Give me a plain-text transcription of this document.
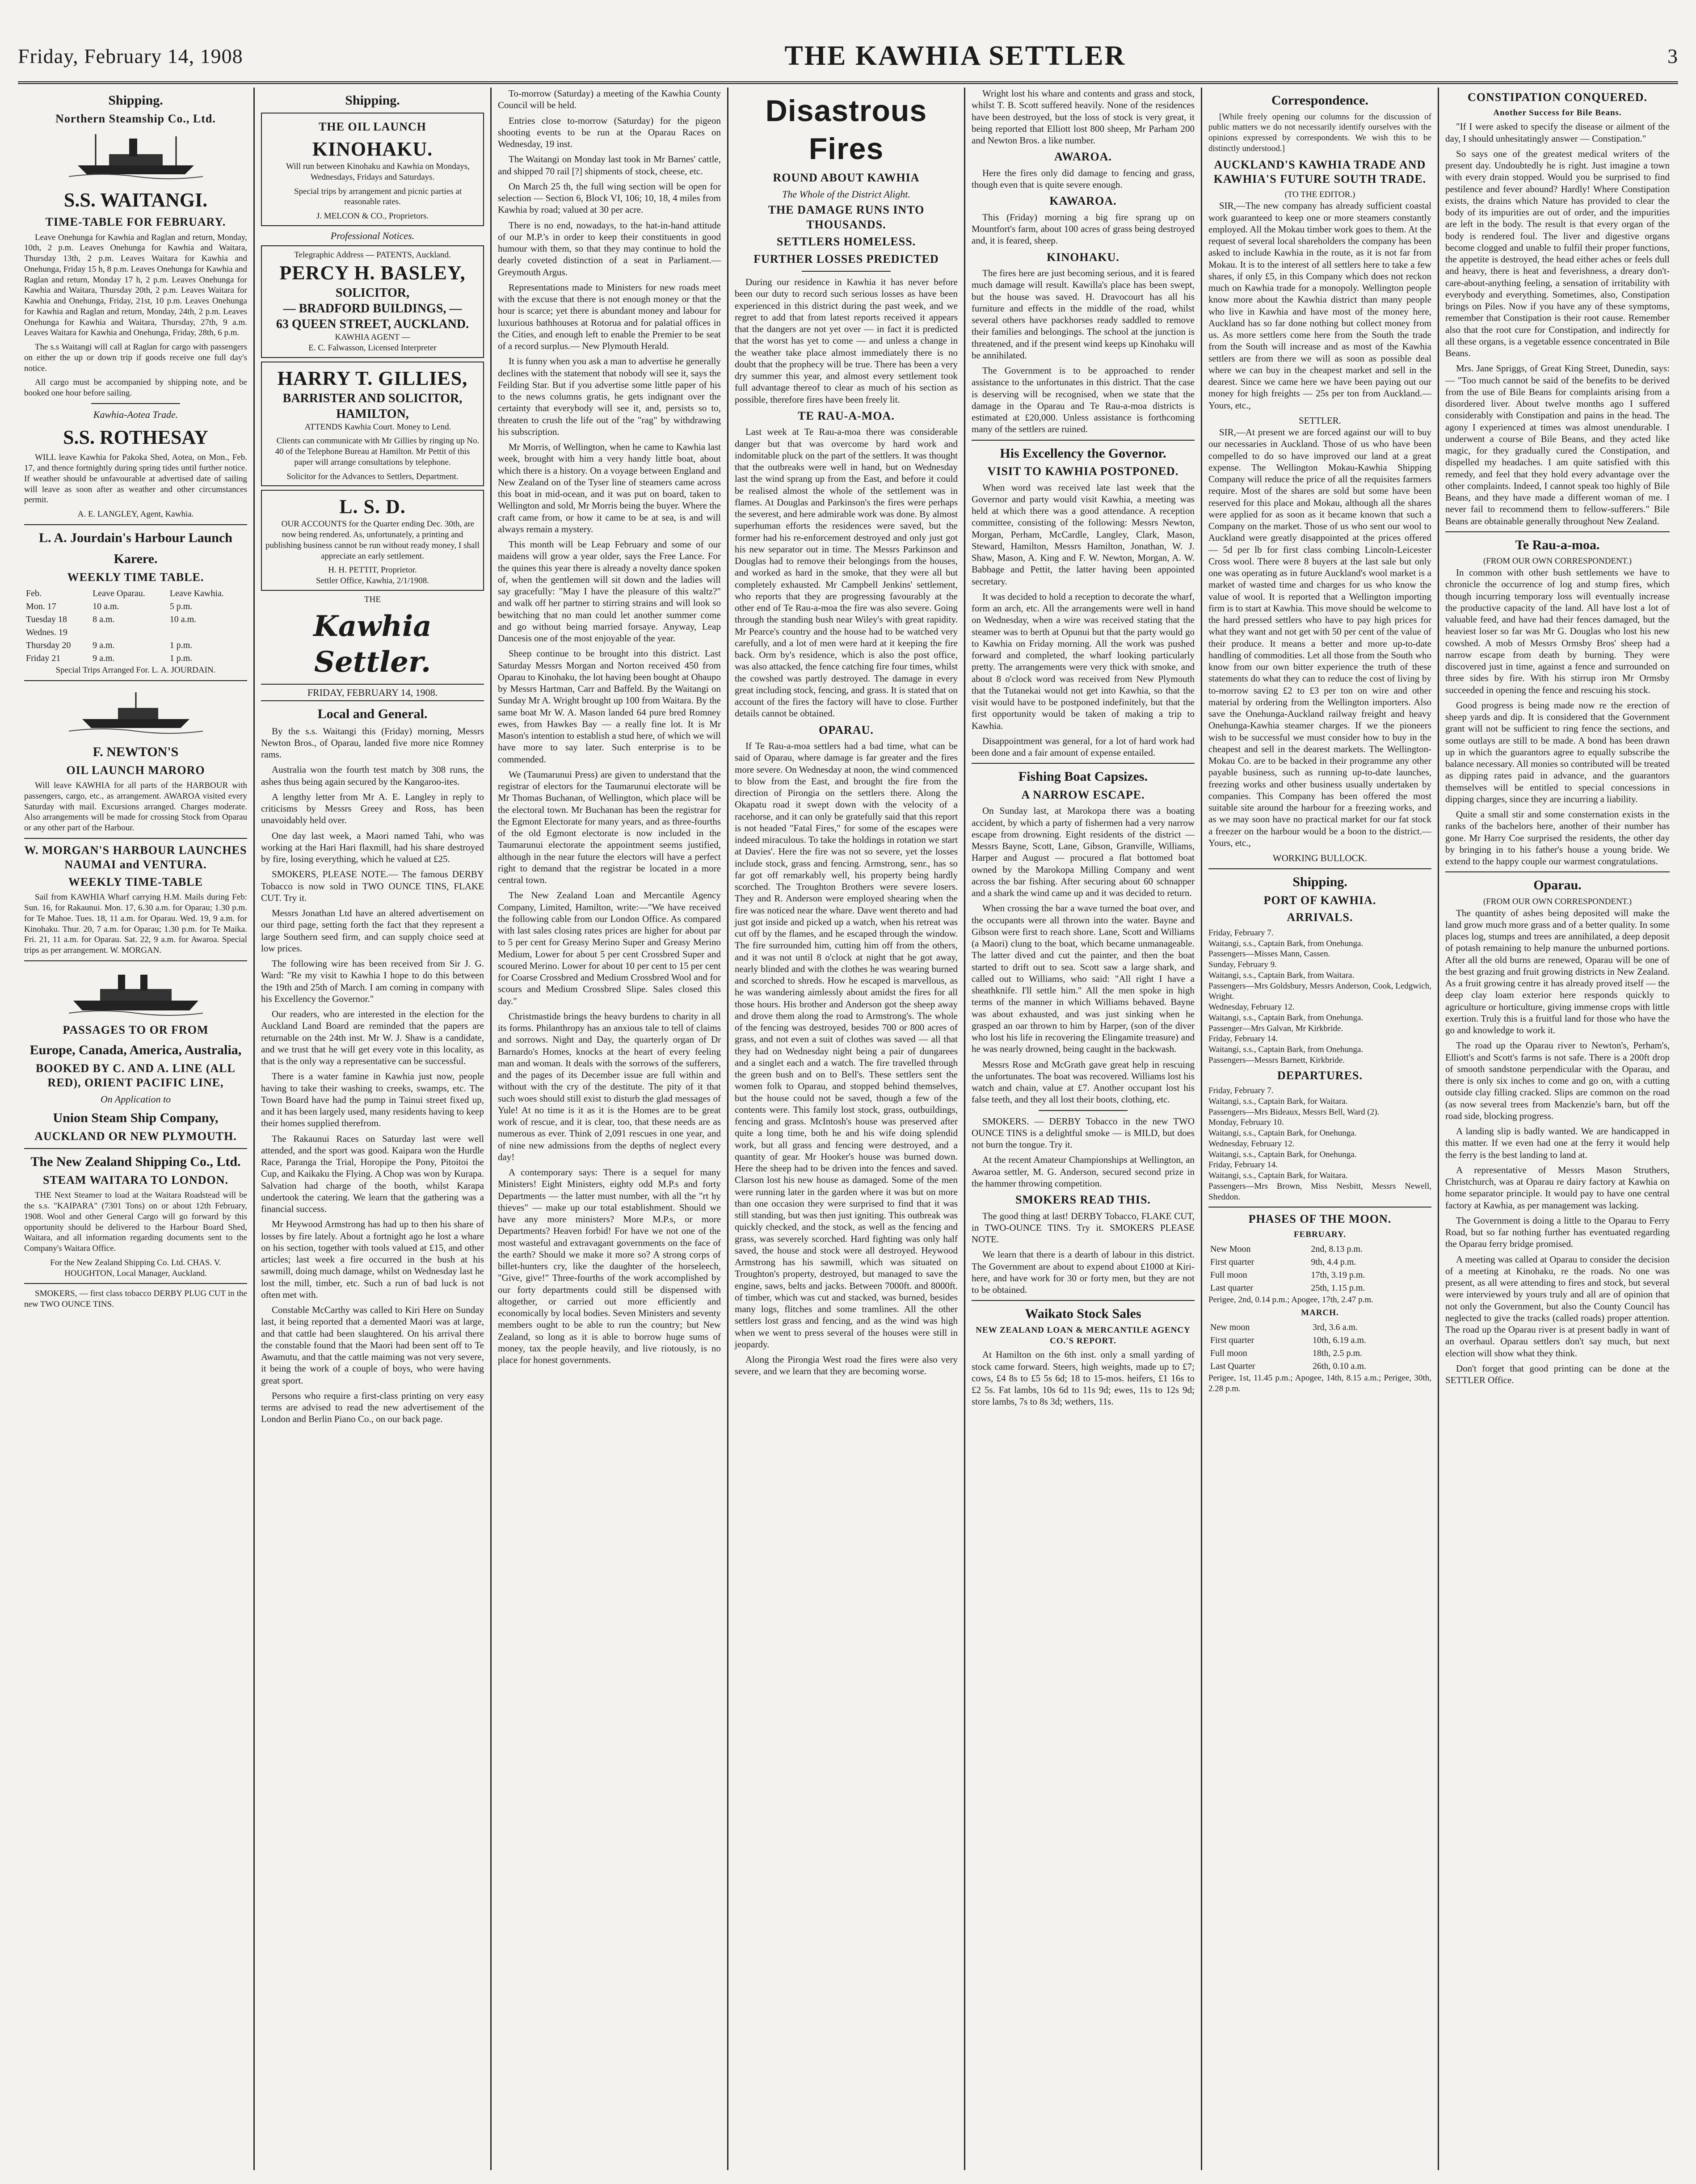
Friday, February 14, 1908	THE KAWHIA SETTLER	3
Shipping.
Northern Steamship Co., Ltd.
S.S. WAITANGI.
TIME-TABLE FOR FEBRUARY.

Leave Onehunga for Kawhia and Raglan and return, Monday, 10th, 2 p.m. Leaves Onehunga for Kawhia and Waitara, Thursday 13th, 2 p.m. Leaves Waitara for Kawhia and Onehunga, Friday 15 h, 8 p.m. Leaves Onehunga for Kawhia and Raglan and return, Monday 17 h, 2 p.m. Leaves Onehunga for Kawhia and Waitara, Thursday 20th, 2 p.m. Leaves Waitara for Kawhia and Onehunga, Friday, 21st, 10 p.m. Leaves Onehunga for Kawhia and Raglan and return, Monday, 24th, 2 p.m. Leaves Onehunga for Kawhia and Waitara, Thursday, 27th, 9 a.m. Leaves Waitara for Kawhia and Onehunga, Friday, 28th, 6 p.m.

The s.s Waitangi will call at Raglan for cargo with passengers on either the up or down trip if goods receive one full day's notice.

All cargo must be accompanied by shipping note, and be booked one hour before sailing.

Kawhia-Aotea Trade.
S.S. ROTHESAY

WILL leave Kawhia for Pakoka Shed, Aotea, on Mon., Feb. 17, and thence fortnightly during spring tides until further notice. If weather should be unfavourable at advertised date of sailing will leave as soon after as weather and other circumstances permit.

A. E. LANGLEY, Agent, Kawhia.
L. A. Jourdain's Harbour Launch
Karere.
WEEKLY TIME TABLE.
Feb.	Leave Oparau.	Leave Kawhia.
Mon. 17	10 a.m.	5 p.m.
Tuesday 18	8 a.m.	10 a.m.
Wednes. 19		
Thursday 20	9 a.m.	1 p.m.
Friday 21	9 a.m.	1 p.m.
Special Trips Arranged For. L. A. JOURDAIN.
F. NEWTON'S
OIL LAUNCH MARORO

Will leave KAWHIA for all parts of the HARBOUR with passengers, cargo, etc., as arrangement. AWAROA visited every Saturday with mail. Excursions arranged. Charges moderate. Also arrangements will be made for crossing Stock from Oparau or any other part of the Harbour.

W. MORGAN'S HARBOUR LAUNCHES NAUMAI and VENTURA.
WEEKLY TIME-TABLE

Sail from KAWHIA Wharf carrying H.M. Mails during Feb: Sun. 16, for Rakaunui. Mon. 17, 6.30 a.m. for Oparau; 1.30 p.m. for Te Mahoe. Tues. 18, 11 a.m. for Oparau. Wed. 19, 9 a.m. for Kinohaku. Thur. 20, 7 a.m. for Oparau; 1.30 p.m. for Te Maika. Fri. 21, 11 a.m. for Oparau. Sat. 22, 9 a.m. for Awaroa. Special trips as per arrangement. W. MORGAN.

PASSAGES TO OR FROM
Europe, Canada, America, Australia,
BOOKED BY C. AND A. LINE (ALL RED), ORIENT PACIFIC LINE,
On Application to
Union Steam Ship Company,
AUCKLAND OR NEW PLYMOUTH.
The New Zealand Shipping Co., Ltd.
STEAM WAITARA TO LONDON.

THE Next Steamer to load at the Waitara Roadstead will be the s.s. "KAIPARA" (7301 Tons) on or about 12th February, 1908. Wool and other General Cargo will go forward by this opportunity should be delivered to the Harbour Board Shed, Waitara, and all information regarding documents sent to the Company's Waitara Office.

For the New Zealand Shipping Co. Ltd. CHAS. V. HOUGHTON, Local Manager, Auckland.

SMOKERS, — first class tobacco DERBY PLUG CUT in the new TWO OUNCE TINS.

Shipping.
THE OIL LAUNCH
KINOHAKU.

Will run between Kinohaku and Kawhia on Mondays, Wednesdays, Fridays and Saturdays.

Special trips by arrangement and picnic parties at reasonable rates.

J. MELCON & CO., Proprietors.
Professional Notices.
Telegraphic Address — PATENTS, Auckland.
PERCY H. BASLEY,
SOLICITOR,
— BRADFORD BUILDINGS, —
63 QUEEN STREET, AUCKLAND.
KAWHIA AGENT —
E. C. Falwasson, Licensed Interpreter
HARRY T. GILLIES,
BARRISTER AND SOLICITOR,
HAMILTON,

ATTENDS Kawhia Court. Money to Lend.

Clients can communicate with Mr Gillies by ringing up No. 40 of the Telephone Bureau at Hamilton. Mr Pettit of this paper will arrange consultations by telephone.

Solicitor for the Advances to Settlers, Department.
L. S. D.

OUR ACCOUNTS for the Quarter ending Dec. 30th, are now being rendered. As, unfortunately, a printing and publishing business cannot be run without ready money, I shall appreciate an early settlement.

H. H. PETTIT, Proprietor.
Settler Office, Kawhia, 2/1/1908.
THE
Kawhia Settler.
FRIDAY, FEBRUARY 14, 1908.
Local and General.

By the s.s. Waitangi this (Friday) morning, Messrs Newton Bros., of Oparau, landed five more nice Romney rams.

Australia won the fourth test match by 308 runs, the ashes thus being again secured by the Kangaroo-ites.

A lengthy letter from Mr A. E. Langley in reply to criticisms by Messrs Greey and Ross, has been unavoidably held over.

One day last week, a Maori named Tahi, who was working at the Hari Hari flaxmill, had his share destroyed by fire, losing everything, which he valued at £25.

SMOKERS, PLEASE NOTE.— The famous DERBY Tobacco is now sold in TWO OUNCE TINS, FLAKE CUT. Try it.

Messrs Jonathan Ltd have an altered advertisement on our third page, setting forth the fact that they represent a large Southern seed firm, and can supply choice seed at low prices.

The following wire has been received from Sir J. G. Ward: "Re my visit to Kawhia I hope to do this between the 19th and 25th of March. I am coming in company with his Excellency the Governor."

Our readers, who are interested in the election for the Auckland Land Board are reminded that the papers are returnable on the 24th inst. Mr W. J. Shaw is a candidate, and we trust that he will get every vote in this locality, as that is the only way a representative can be successful.

There is a water famine in Kawhia just now, people having to take their washing to creeks, swamps, etc. The Town Board have had the pump in Tainui street fixed up, and it has been largely used, many residents having to keep their homes supplied therefrom.

The Rakaunui Races on Saturday last were well attended, and the sport was good. Kaipara won the Hurdle Race, Paranga the Trial, Horopipe the Pony, Pitoitoi the Cup, and Kaikaku the Flying. A Chop was won by Kurapa. Salvation had charge of the booth, whilst Karapa undertook the catering. We learn that the gathering was a financial success.

Mr Heywood Armstrong has had up to then his share of losses by fire lately. About a fortnight ago he lost a whare on his section, together with tools valued at £15, and other articles; last week a fire occurred in the bush at his sawmill, doing much damage, whilst on Wednesday last he lost the mill, timber, etc. Such a run of bad luck is not often met with.

Constable McCarthy was called to Kiri Here on Sunday last, it being reported that a demented Maori was at large, and that cattle had been slaughtered. On his arrival there the constable found that the Maori had been sent off to Te Awamutu, and that the cattle maiming was not very severe, it being the work of a couple of boys, who were having great sport.

Persons who require a first-class printing on very easy terms are advised to read the new advertisement of the London and Berlin Piano Co., on our back page.

To-morrow (Saturday) a meeting of the Kawhia County Council will be held.

Entries close to-morrow (Saturday) for the pigeon shooting events to be run at the Oparau Races on Wednesday, 19 inst.

The Waitangi on Monday last took in Mr Barnes' cattle, and shipped 70 rail [?] shipments of stock, cheese, etc.

On March 25 th, the full wing section will be open for selection — Section 6, Block VI, 106; 10, 18, 4 miles from Kawhia by road; valued at 30 per acre.

There is no end, nowadays, to the hat-in-hand attitude of our M.P.'s in order to keep their constituents in good humour with them, so that they may continue to hold the dearly coveted distinction of a seat in Parliament.— Greymouth Argus.

Representations made to Ministers for new roads meet with the excuse that there is not enough money or that the hour is scarce; yet there is abundant money and labour for luxurious bathhouses at Rotorua and for palatial offices in the Cities, and enough left to enable the Premier to be seat of a record surplus.— New Plymouth Herald.

It is funny when you ask a man to advertise he generally declines with the statement that nobody will see it, says the Feilding Star. But if you advertise some little paper of his to the news columns gratis, he gets indignant over the certainty that everybody will see it, and, persists so to, threaten to crush the life out of the "rag" by withdrawing his subscription.

Mr Morris, of Wellington, when he came to Kawhia last week, brought with him a very handy little boat, about which there is a history. On a voyage between England and New Zealand on of the Tyser line of steamers came across this boat in mid-ocean, and it was put on board, taken to Wellington and sold, Mr Morris being the buyer. Where the craft came from, or how it came to be at sea, is and will always remain a mystery.

This month will be Leap February and some of our maidens will grow a year older, says the Free Lance. For the quines this year there is already a novelty dance spoken of, when the gentlemen will sit down and the ladies will say gracefully: "May I have the pleasure of this waltz?" and walk off her partner to stirring strains and will look so bewitching that no man could let another summer come and go without being married forsaye. Anyway, Leap Dancesis one of the most enjoyable of the year.

Sheep continue to be brought into this district. Last Saturday Messrs Morgan and Norton received 450 from Oparau to Kinohaku, the lot having been bought at Ohaupo by Messrs Hartman, Carr and Baffeld. By the Waitangi on Sunday Mr A. Wright brought up 100 from Waitara. By the same boat Mr W. A. Mason landed 64 pure bred Romney ewes, from Hawkes Bay — a really fine lot. It is Mr Mason's intention to establish a stud here, of which we will have more to say later. Such enterprise is to be commended.

We (Taumarunui Press) are given to understand that the registrar of electors for the Taumarunui electorate will be Mr Thomas Buchanan, of Wellington, which place will be the electoral town. Mr Buchanan has been the registrar for the Egmont Electorate for many years, and as three-fourths of the old Egmont electorate is now included in the Taumarunui electorate the appointment seems justified, although in the near future the electors will have a perfect right to demand that the registrar be located in a more central town.

The New Zealand Loan and Mercantile Agency Company, Limited, Hamilton, write:—"We have received the following cable from our London Office. As compared with last sales closing rates prices are higher for about par to 5 per cent for Greasy Merino Super and Greasy Merino Medium, Lower for about 5 per cent Crossbred Super and scoured Merino. Lower for about 10 per cent to 15 per cent for Coarse Crossbred and Medium Crossbred Wool and for scours and Medium Crossbred Slipe. Sales closed this day."

Christmastide brings the heavy burdens to charity in all its forms. Philanthropy has an anxious tale to tell of claims and sorrows. Night and Day, the quarterly organ of Dr Barnardo's Homes, knocks at the heart of every feeling man and woman. It deals with the sorrows of the sufferers, and the pages of its December issue are full within and without with the cry of the destitute. The pity of it that such woes should still exist to disturb the glad messages of Yule! At no time is it as it is the Homes are to be great work of rescue, and it is clear, too, that these needs are as numerous as ever. Think of 2,091 rescues in one year, and of nine new admissions from the depths of neglect every day!

A contemporary says: There is a sequel for many Ministers! Eight Ministers, eighty odd M.P.s and forty Departments — the latter must number, with all the "rt hy thieves" — make up our total establishment. Should we have any more ministers? More M.P.s, or more Departments? Heaven forbid! For have we not one of the most wasteful and extravagant governments on the face of the earth? Should we make it more so? A strong corps of billet-hunters cry, like the daughter of the horseleech, "Give, give!" Three-fourths of the work accomplished by our forty departments could still be dispensed with altogether, or carried out more efficiently and economically by local bodies. Seven Ministers and seventy members ought to be able to run the country; but New Zealand, so long as it is able to borrow huge sums of money, tax the people heavily, and live riotously, is no place for honest governments.

Disastrous Fires
ROUND ABOUT KAWHIA
The Whole of the District Alight.
THE DAMAGE RUNS INTO THOUSANDS.
SETTLERS HOMELESS.
FURTHER LOSSES PREDICTED

During our residence in Kawhia it has never before been our duty to record such serious losses as have been experienced in this district during the past week, and we regret to add that from latest reports received it appears that the dangers are not yet over — in fact it is predicted that the worst has yet to come — and unless a change in the weather take place almost immediately there is no doubt that the prophecy will be true. There has been a very dry summer this year, and almost every settlement took full advantage thereof to clear as much of his section as possible, therefore fires have been freely lit.

TE RAU-A-MOA.

Last week at Te Rau-a-moa there was considerable danger but that was overcome by hard work and indomitable pluck on the part of the settlers. It was thought that the outbreaks were well in hand, but on Wednesday last the wind sprang up from the East, and before it could be realised almost the whole of the settlement was in flames. At Douglas and Parkinson's the fires were perhaps the severest, and here admirable work was done. By almost superhuman efforts the residences were saved, but the former had his re-enforcement destroyed and only just got his new separator out in time. The Messrs Parkinson and Douglas had to remove their belongings from the houses, and worked as hard in the smoke, that they were all but completely exhausted. Mr Campbell Jenkins' settlement, who reports that they are progressing favourably at the other end of Te Rau-a-moa the fire was also severe. Going through the standing bush near Wiley's with great rapidity. Mr Pearce's country and the house had to be watched very carefully, and a lot of men were hard at it keeping the fire back. Orm by's residence, which is also the post office, was also attacked, the fence catching fire four times, whilst the cowshed was partly destroyed. The damage in every great including stock, fencing, and grass. It is stated that on account of the fires the factory will have to close. Further details cannot be obtained.

OPARAU.

If Te Rau-a-moa settlers had a bad time, what can be said of Oparau, where damage is far greater and the fires more severe. On Wednesday at noon, the wind commenced to blow from the East, and brought the fire from the direction of Pirongia on the settlers there. Along the Okapatu road it swept down with the velocity of a racehorse, and it can only be gratefully said that this report is not headed "Fatal Fires," for some of the escapes were indeed miraculous. To take the holdings in rotation we start at Davies'. Here the fire was not so severe, yet the losses include stock, grass and fencing. Armstrong, senr., has so far got off remarkably well, his property being hardly scorched. The Troughton Brothers were severe losers. They and R. Anderson were employed shearing when the fire was noticed near the whare. Dave went thereto and had just got inside and picked up a watch, when his retreat was cut off by the flames, and he escaped through the window. The fire surrounded him, cutting him off from the others, and it was not until 8 o'clock at night that he got away, nearly blinded and with the clothes he was wearing burned and scorched to shreds. How he escaped is marvellous, as he was wandering aimlessly about amidst the fires for all those hours. His brother and Anderson got the sheep away and drove them along the road to Armstrong's. The whole of the fencing was destroyed, besides 700 or 800 acres of grass, and not even a suit of clothes was saved — all that they had on Wednesday night being a pair of dungarees and a singlet each and a watch. The fire travelled through the green bush and on to Bell's. These settlers sent the women folk to Oparau, and stopped behind themselves, but the house could not be saved, though a few of the contents were. This family lost stock, grass, outbuildings, fencing and grass. McIntosh's house was preserved after quite a long time, both he and his wife doing splendid work, but all grass and fencing were destroyed, and a quantity of gear. Mr Hooker's house was burned down. Here the sheep had to be driven into the fences and saved. Clarson lost his new house as damaged. Some of the men were running later in the garden where it was but on more than one occasion they were surprised to find that it was still standing, but was then just igniting. This outbreak was quickly checked, and the stock, as well as the fencing and grass, was severely scorched. Hard fighting was only half saved, the house and stock were all destroyed. Heywood Armstrong has his sawmill, which was situated on Troughton's property, destroyed, but managed to save the engine, saws, belts and jacks. Between 7000ft. and 8000ft. of timber, which was cut and stacked, was burned, besides many logs, flitches and some tramlines. All the other settlers lost grass and fencing, and as the wind was high when we went to press several of the houses were still in jeopardy.

Along the Pirongia West road the fires were also very severe, and we learn that they are becoming worse.

Wright lost his whare and contents and grass and stock, whilst T. B. Scott suffered heavily. None of the residences have been destroyed, but the loss of stock is very great, it being reported that Elliott lost 800 sheep, Mr Parham 200 and Newton Bros. a like number.

AWAROA.

Here the fires only did damage to fencing and grass, though even that is quite severe enough.

KAWAROA.

This (Friday) morning a big fire sprang up on Mountfort's farm, about 100 acres of grass being destroyed and, it is feared, sheep.

KINOHAKU.

The fires here are just becoming serious, and it is feared much damage will result. Kawilla's place has been swept, but the house was saved. H. Dravocourt has all his furniture and effects in the middle of the road, whilst several others have packhorses ready saddled to remove their families and belongings. The school at the junction is threatened, and if the present wind keeps up Kinohaku will be annihilated.

The Government is to be approached to render assistance to the unfortunates in this district. That the case is deserving will be recognised, when we state that the damage in the Oparau and Te Rau-a-moa districts is estimated at £20,000. Unless assistance is forthcoming many of the settlers are ruined.

His Excellency the Governor.
VISIT TO KAWHIA POSTPONED.

When word was received late last week that the Governor and party would visit Kawhia, a meeting was held at which there was a good attendance. A reception committee, consisting of the following: Messrs Newton, Morgan, Perham, McCardle, Langley, Clark, Mason, Steward, Hamilton, Messrs Hamilton, Jonathan, W. J. Shaw, Mason, A. King and F. W. Newton, Morgan, A. W. Babbage and Pettit, the latter having been appointed secretary.

It was decided to hold a reception to decorate the wharf, form an arch, etc. All the arrangements were well in hand on Wednesday, when a wire was received stating that the steamer was to berth at Opunui but that the party would go to Kawhia on Friday morning. All the work was pushed forward and completed, the wharf looking particularly pretty. The arrangements were very thick with smoke, and about 8 o'clock word was received from New Plymouth that the Tutanekai would not get into Kawhia, so that the visit would have to be postponed indefinitely, but that the first opportunity would be taken of making a trip to Kawhia.

Disappointment was general, for a lot of hard work had been done and a fair amount of expense entailed.

Fishing Boat Capsizes.
A NARROW ESCAPE.

On Sunday last, at Marokopa there was a boating accident, by which a party of fishermen had a very narrow escape from drowning. Eight residents of the district — Messrs Bayne, Scott, Lane, Gibson, Granville, Williams, Harper and August — procured a flat bottomed boat owned by the Marokopa Milling Company and went across the bar fishing. After securing about 60 schnapper and a shark the wind came up and it was decided to return.

When crossing the bar a wave turned the boat over, and the occupants were all thrown into the water. Bayne and Gibson were first to reach shore. Lane, Scott and Williams (a Maori) clung to the boat, which became unmanageable. The latter dived and cut the painter, and then the boat started to drift out to sea. Scott saw a large shark, and called out to Williams, who said: "All right I have a sheathknife. I'll settle him." All the men spoke in high terms of the manner in which Williams behaved. Bayne was about exhausted, and was just sinking when he grasped an oar thrown to him by Harper, (son of the diver who lost his life in recovering the Elingamite treasure) and he was nearly drowned, being caught in the backwash.

Messrs Rose and McGrath gave great help in rescuing the unfortunates. The boat was recovered. Williams lost his watch and chain, value at £7. Another occupant lost his false teeth, and they all lost their boots, clothing, etc.

SMOKERS. — DERBY Tobacco in the new TWO OUNCE TINS is a delightful smoke — is MILD, but does not burn the tongue. Try it.

At the recent Amateur Championships at Wellington, an Awaroa settler, M. G. Anderson, secured second prize in the hammer throwing competition.

SMOKERS READ THIS.

The good thing at last! DERBY Tobacco, FLAKE CUT, in TWO-OUNCE TINS. Try it. SMOKERS PLEASE NOTE.

We learn that there is a dearth of labour in this district. The Government are about to expend about £1000 at Kiri-here, and have work for 30 or forty men, but they are not to be obtained.

Waikato Stock Sales
NEW ZEALAND LOAN & MERCANTILE AGENCY CO.'S REPORT.

At Hamilton on the 6th inst. only a small yarding of stock came forward. Steers, high weights, made up to £7; cows, £4 8s to £5 5s 6d; 18 to 15-mos. heifers, £1 16s to £2 5s. Fat lambs, 10s 6d to 11s 9d; ewes, 11s to 12s 9d; store lambs, 7s to 8s 3d; wethers, 11s.

Correspondence.

[While freely opening our columns for the discussion of public matters we do not necessarily identify ourselves with the opinions expressed by correspondents. We wish this to be distinctly understood.]

AUCKLAND'S KAWHIA TRADE AND KAWHIA'S FUTURE SOUTH TRADE.
(TO THE EDITOR.)

SIR,—The new company has already sufficient coastal work guaranteed to keep one or more steamers constantly employed. All the Mokau timber work goes to them. At the request of several local shareholders the company has been asked to include Kawhia in the route, as it is not far from Mokau. It is to the interest of all settlers here to take a few shares, if only £5, in this Company which does not reckon much on Kawhia trade for a monopoly. Wellington people know more about the Kawhia district than many people who live in Kawhia and have most of the money here, Auckland has so far done nothing but collect money from us. As more settlers come here from the South the trade from the South will increase and as most of the Kawhia settlers are from there we will as soon as possible deal where we can buy in the cheapest market and sell in the dearest. Since we came here we have been paying out our money for high freights — 25s per ton from Auckland.— Yours, etc.,

SETTLER.

SIR,—At present we are forced against our will to buy our necessaries in Auckland. Those of us who have been compelled to do so have improved our land at a great expense. The Wellington Mokau-Kawhia Shipping Company will reduce the price of all the requisites farmers require. Most of the shares are sold but some have been reserved for this place and Mokau, although all the shares were applied for as soon as it became known that such a Company on the market. Those of us who sent our wool to Auckland were greatly disappointed at the prices offered — 5d per lb for first class combing Lincoln-Leicester Cross wool. There were 8 buyers at the last sale but only one was operating as in future Auckland's wool market is a market of wasted time and charges for us who know the value of wool. It is reported that a Wellington importing firm is to start at Kawhia. This move should be welcome to the hard pressed settlers who have to pay high prices for what they want and not get with 50 per cent of the value of their produce. It means a better and more up-to-date handling of commodities. Let all those from the South who know from our own bitter experience the truth of these statements do what they can to reduce the cost of living by to-morrow saving £2 to £3 per ton on wire and other material by ordering from the Wellington importers. Also save the Onehunga-Auckland railway freight and heavy Onehunga-Kawhia steamer charges. If we the pioneers wish to be successful we must consider how to buy in the cheapest and sell in the dearest markets. The Wellington-Mokau Co. are to be backed in their programme any other payable business, such as running up-to-date launches, freezing works and other business usually undertaken by companies. This Company has been offered the most suitable site around the harbour for a freezing works, and as we may soon have no practical market for our fat stock a freezer on the harbour would be a boon to the district.— Yours, etc.,

WORKING BULLOCK.
Shipping.
PORT OF KAWHIA.
ARRIVALS.
Friday, February 7.
Waitangi, s.s., Captain Bark, from Onehunga.
Passengers—Misses Mann, Cassen.
Sunday, February 9.
Waitangi, s.s., Captain Bark, from Waitara.
Passengers—Mrs Goldsbury, Messrs Anderson, Cook, Ledgwich, Wright.
Wednesday, February 12.
Waitangi, s.s., Captain Bark, from Onehunga.
Passenger—Mrs Galvan, Mr Kirkbride.
Friday, February 14.
Waitangi, s.s., Captain Bark, from Onehunga.
Passengers—Messrs Barnett, Kirkbride.
DEPARTURES.
Friday, February 7.
Waitangi, s.s., Captain Bark, for Waitara.
Passengers—Mrs Bideaux, Messrs Bell, Ward (2).
Monday, February 10.
Waitangi, s.s., Captain Bark, for Onehunga.
Wednesday, February 12.
Waitangi, s.s., Captain Bark, for Onehunga.
Friday, February 14.
Waitangi, s.s., Captain Bark, for Waitara.
Passengers—Mrs Brown, Miss Nesbitt, Messrs Newell, Sheddon.
PHASES OF THE MOON.
FEBRUARY.
New Moon	2nd, 8.13 p.m.
First quarter	9th, 4.4 p.m.
Full moon	17th, 3.19 p.m.
Last quarter	25th, 1.15 p.m.
Perigee, 2nd, 0.14 p.m.; Apogee, 17th, 2.47 p.m.
MARCH.
New moon	3rd, 3.6 a.m.
First quarter	10th, 6.19 a.m.
Full moon	18th, 2.5 p.m.
Last Quarter	26th, 0.10 a.m.
Perigee, 1st, 11.45 p.m.; Apogee, 14th, 8.15 a.m.; Perigee, 30th, 2.28 p.m.
CONSTIPATION CONQUERED.
Another Success for Bile Beans.

"If I were asked to specify the disease or ailment of the day, I should unhesitatingly answer — Constipation."

So says one of the greatest medical writers of the present day. Undoubtedly he is right. Just imagine a town with every drain stopped. Would you be surprised to find pestilence and fever abound? Hardly! Where Constipation exists, the drains which Nature has provided to clear the body of its impurities are out of order, and the impurities are left in the body. The result is that every organ of the body is rendered foul. The liver and digestive organs become clogged and unable to fulfil their proper functions, the appetite is destroyed, the head either aches or feels dull and heavy, there is heat and feverishness, a dreary don't-care-about-anything feeling, a sensation of irritability with everybody and everything. Sometimes, also, Constipation brings on Piles. Now if you have any of these symptoms, remember that Constipation is their root cause. Remember also that the root cure for Constipation, and indirectly for all these organs, is a vegetable essence concentrated in Bile Beans.

Mrs. Jane Spriggs, of Great King Street, Dunedin, says:— "Too much cannot be said of the benefits to be derived from the use of Bile Beans for complaints arising from a disordered liver. About twelve months ago I suffered considerably with Constipation and pains in the head. The agony I experienced at times was almost unendurable. I underwent a course of Bile Beans, and they acted like magic, for they gradually cured the Constipation, and dispelled my headaches. I am quite satisfied with this remedy, and feel that they hold every advantage over the other complaints. Indeed, I cannot speak too highly of Bile Beans, and they have made a different woman of me. I never fail to recommend them to fellow-sufferers." Bile Beans are obtainable generally throughout New Zealand.

Te Rau-a-moa.
(FROM OUR OWN CORRESPONDENT.)

In common with other bush settlements we have to chronicle the occurrence of log and stump fires, which though incurring temporary loss will eventually increase the productive capacity of the land. All have lost a lot of valuable feed, and have had their fences damaged, but the heaviest loser so far was Mr G. Douglas who lost his new cowshed. A mob of Messrs Ormsby Bros' sheep had a narrow escape from death by burning. They were discovered just in time, against a fence and surrounded on three sides by fire. With his stirrup iron Mr Ormsby succeeded in opening the fence and rescuing his stock.

Good progress is being made now re the erection of sheep yards and dip. It is considered that the Government grant will not be sufficient to ring fence the sections, and some outlays are still to be made. A bond has been drawn up in which the guarantors agree to equally subscribe the balance necessary. All monies so contributed will be treated as dipping rates paid in advance, and the guarantors themselves will be entitled to special concessions in dipping charges, since they are incurring a liability.

Quite a small stir and some consternation exists in the ranks of the bachelors here, another of their number has gone. Mr Harry Coe surprised the residents, the other day by bringing in to his father's house a young bride. We extend to the happy couple our warmest congratulations.

Oparau.
(FROM OUR OWN CORRESPONDENT.)

The quantity of ashes being deposited will make the land grow much more grass and of a better quality. In some places log, stumps and trees are annihilated, a deep deposit of potash remaining to help manure the unburned portions. After all the old burns are renewed, Oparau will be one of the best grazing and fruit growing districts in New Zealand. As a fruit growing centre it has already proved itself — the deep clay loam exterior here responds quickly to agriculture or horticulture, giving immense crops with little exertion. Truly this is a fruitful land for those who have the go and knowledge to work it.

The road up the Oparau river to Newton's, Perham's, Elliott's and Scott's farms is not safe. There is a 200ft drop of smooth sandstone perpendicular with the Oparau, and there is only six inches to come and go on, with a cutting outside clay filling cracked. Slips are common on the road (as now several trees from Mackenzie's barn, but off the road side, blocking progress.

A landing slip is badly wanted. We are handicapped in this matter. If we even had one at the ferry it would help the ferry is the best landing to land at.

A representative of Messrs Mason Struthers, Christchurch, was at Oparau re dairy factory at Kawhia on home separator principle. It would pay to have one central factory at Kawhia, as per management was lacking.

The Government is doing a little to the Oparau to Ferry Road, but so far nothing further has eventuated regarding the Oparau ferry bridge promised.

A meeting was called at Oparau to consider the decision of a meeting at Kinohaku, re the roads. No one was present, as all were attending to fires and stock, but several were interviewed by yours truly and all are of opinion that not only the Government, but also the County Council has neglected to give the tracks (called roads) proper attention. The road up the Oparau river is at present badly in want of an overhaul. Oparau settlers don't say much, but next election will show what they think.

Don't forget that good printing can be done at the SETTLER Office.
